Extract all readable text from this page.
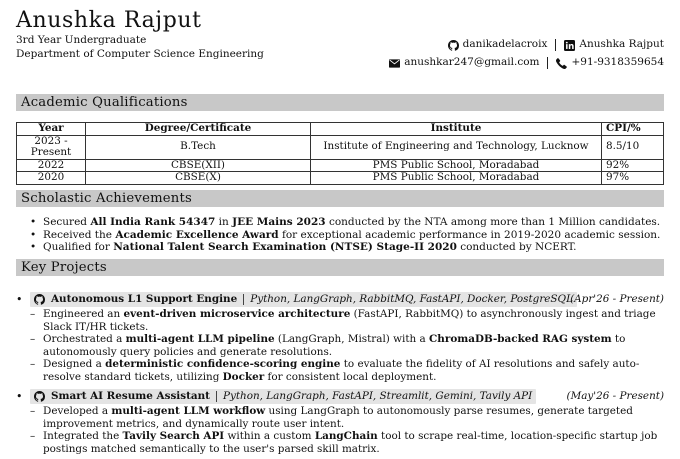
Anushka Rajput
3rd Year Undergraduate
Department of Computer Science Engineering
danikadelacroix	Anushka Rajput
anushkar247@gmail.com	+91-9318359654
Academic Qualifications
Year	Degree/Certificate	Institute	CPI/%
2023 - Present	B.Tech	Institute of Engineering and Technology, Lucknow	8.5/10
2022	CBSE(XII)	PMS Public School, Moradabad	92%
2020	CBSE(X)	PMS Public School, Moradabad	97%
Scholastic Achievements
• Secured All India Rank 54347 in JEE Mains 2023 conducted by the NTA among more than 1 Million candidates.
• Received the Academic Excellence Award for exceptional academic performance in 2019-2020 academic session.
• Qualified for National Talent Search Examination (NTSE) Stage-II 2020 conducted by NCERT.
Key Projects
•	Autonomous L1 Support Engine Python, LangGraph, RabbitMQ, FastAPI, Docker, PostgreSQL
(Apr'26 - Present)
– Engineered an event-driven microservice architecture (FastAPI, RabbitMQ) to asynchronously ingest and triage Slack IT/HR tickets.
– Orchestrated a multi-agent LLM pipeline (LangGraph, Mistral) with a ChromaDB-backed RAG system to autonomously query policies and generate resolutions.
– Designed a deterministic confidence-scoring engine to evaluate the fidelity of AI resolutions and safely auto-resolve standard tickets, utilizing Docker for consistent local deployment.
•	Smart AI Resume Assistant Python, LangGraph, FastAPI, Streamlit, Gemini, Tavily API	(May'26 - Present)
– Developed a multi-agent LLM workflow using LangGraph to autonomously parse resumes, generate targeted improvement metrics, and dynamically route user intent.
– Integrated the Tavily Search API within a custom LangChain tool to scrape real-time, location-specific startup job postings matched semantically to the user's parsed skill matrix.
